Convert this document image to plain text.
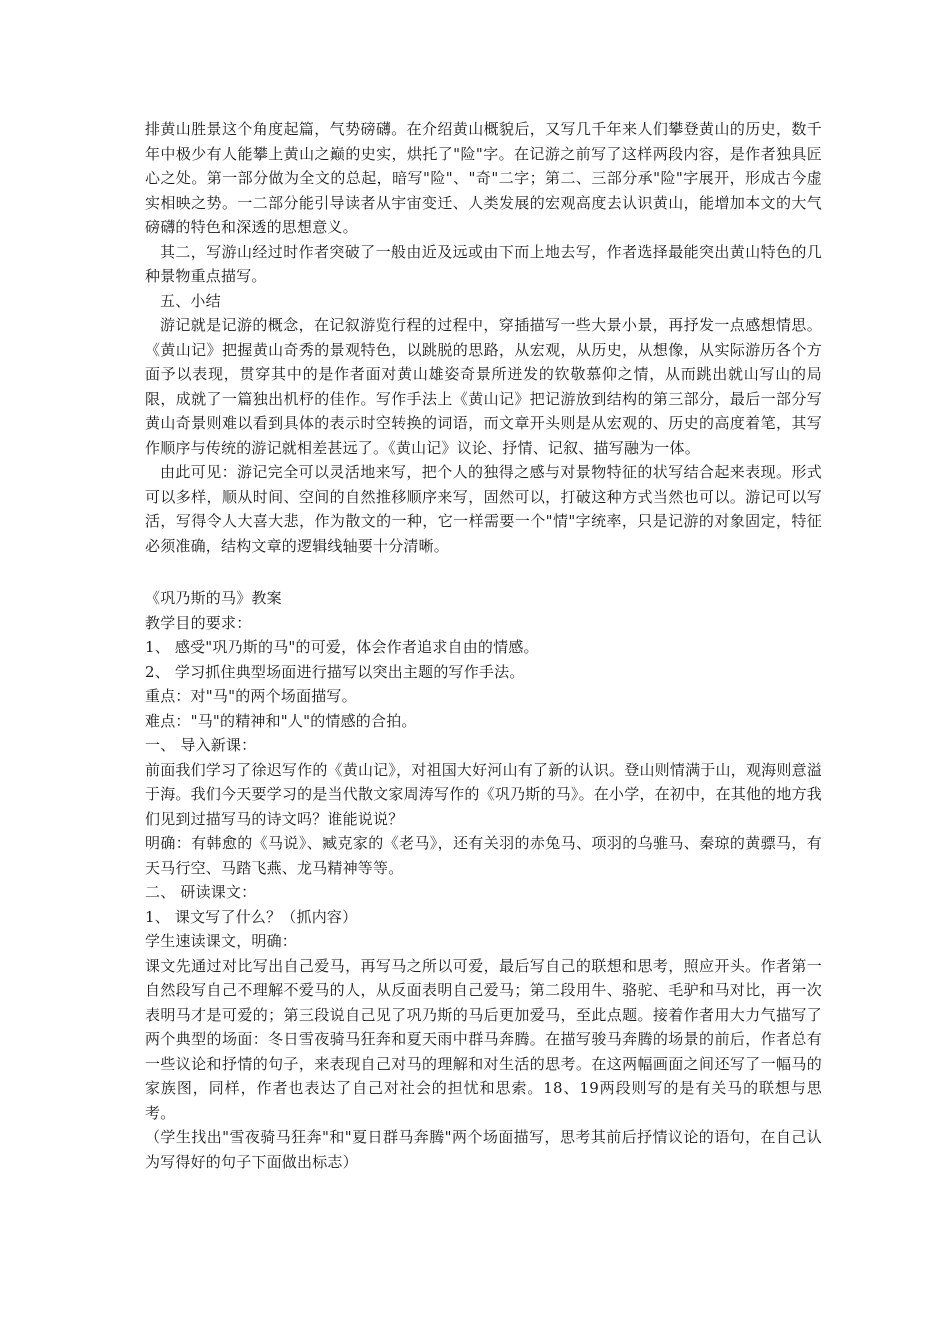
排黄山胜景这个角度起篇，气势磅礴。在介绍黄山概貌后，又写几千年来人们攀登黄山的历史，数千年中极少有人能攀上黄山之巅的史实，烘托了"险"字。在记游之前写了这样两段内容，是作者独具匠心之处。第一部分做为全文的总起，暗写"险"、"奇"二字；第二、三部分承"险"字展开，形成古今虚实相映之势。一二部分能引导读者从宇宙变迁、人类发展的宏观高度去认识黄山，能增加本文的大气磅礴的特色和深透的思想意义。

其二，写游山经过时作者突破了一般由近及远或由下而上地去写，作者选择最能突出黄山特色的几种景物重点描写。

五、小结

游记就是记游的概念，在记叙游览行程的过程中，穿插描写一些大景小景，再抒发一点感想情思。《黄山记》把握黄山奇秀的景观特色，以跳脱的思路，从宏观，从历史，从想像，从实际游历各个方面予以表现，贯穿其中的是作者面对黄山雄姿奇景所迸发的钦敬慕仰之情，从而跳出就山写山的局限，成就了一篇独出机杼的佳作。写作手法上《黄山记》把记游放到结构的第三部分，最后一部分写黄山奇景则难以看到具体的表示时空转换的词语，而文章开头则是从宏观的、历史的高度着笔，其写作顺序与传统的游记就相差甚远了。《黄山记》议论、抒情、记叙、描写融为一体。

由此可见：游记完全可以灵活地来写，把个人的独得之感与对景物特征的状写结合起来表现。形式可以多样，顺从时间、空间的自然推移顺序来写，固然可以，打破这种方式当然也可以。游记可以写活，写得令人大喜大悲，作为散文的一种，它一样需要一个"情"字统率，只是记游的对象固定，特征必须准确，结构文章的逻辑线轴要十分清晰。

《巩乃斯的马》教案

教学目的要求：

1、 感受"巩乃斯的马"的可爱，体会作者追求自由的情感。

2、 学习抓住典型场面进行描写以突出主题的写作手法。

重点：对"马"的两个场面描写。

难点："马"的精神和"人"的情感的合拍。

一、 导入新课：

前面我们学习了徐迟写作的《黄山记》，对祖国大好河山有了新的认识。登山则情满于山，观海则意溢于海。我们今天要学习的是当代散文家周涛写作的《巩乃斯的马》。在小学，在初中，在其他的地方我们见到过描写马的诗文吗？谁能说说？

明确：有韩愈的《马说》、臧克家的《老马》，还有关羽的赤兔马、项羽的乌骓马、秦琼的黄骠马，有天马行空、马踏飞燕、龙马精神等等。

二、 研读课文：

1、 课文写了什么？（抓内容）

学生速读课文，明确：

课文先通过对比写出自己爱马，再写马之所以可爱，最后写自己的联想和思考，照应开头。作者第一自然段写自己不理解不爱马的人，从反面表明自己爱马；第二段用牛、骆驼、毛驴和马对比，再一次表明马才是可爱的；第三段说自己见了巩乃斯的马后更加爱马，至此点题。接着作者用大力气描写了两个典型的场面：冬日雪夜骑马狂奔和夏天雨中群马奔腾。在描写骏马奔腾的场景的前后，作者总有一些议论和抒情的句子，来表现自己对马的理解和对生活的思考。在这两幅画面之间还写了一幅马的家族图，同样，作者也表达了自己对社会的担忧和思索。18、19两段则写的是有关马的联想与思考。

（学生找出"雪夜骑马狂奔"和"夏日群马奔腾"两个场面描写，思考其前后抒情议论的语句，在自己认为写得好的句子下面做出标志）
